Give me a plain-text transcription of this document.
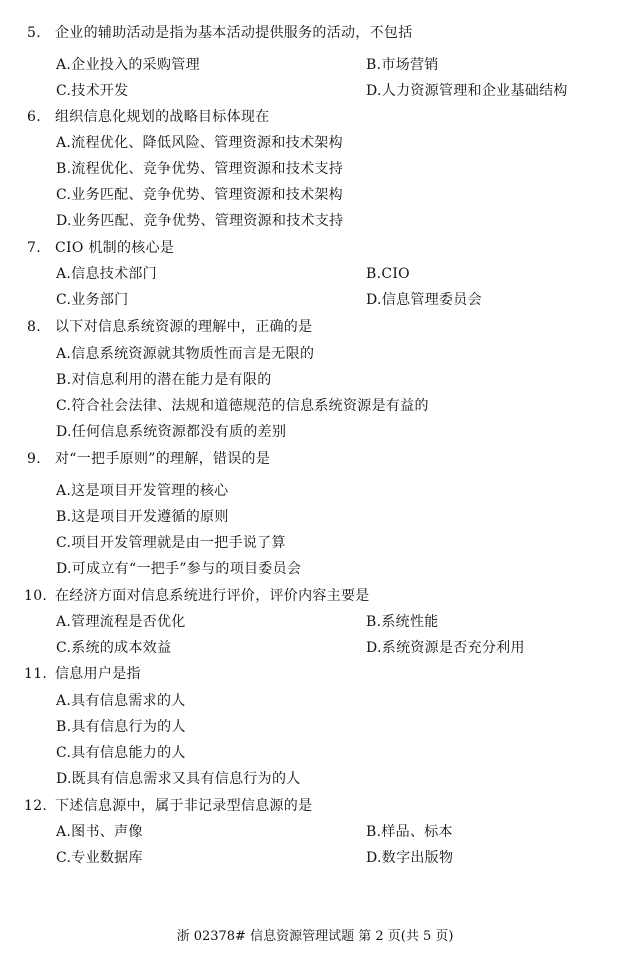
5. 企业的辅助活动是指为基本活动提供服务的活动，不包括
A.企业投入的采购管理	B.市场营销
C.技术开发	D.人力资源管理和企业基础结构
6. 组织信息化规划的战略目标体现在
A.流程优化、降低风险、管理资源和技术架构
B.流程优化、竞争优势、管理资源和技术支持
C.业务匹配、竞争优势、管理资源和技术架构
D.业务匹配、竞争优势、管理资源和技术支持
7. CIO 机制的核心是
A.信息技术部门	B.CIO
C.业务部门	D.信息管理委员会
8. 以下对信息系统资源的理解中，正确的是
A.信息系统资源就其物质性而言是无限的
B.对信息利用的潜在能力是有限的
C.符合社会法律、法规和道德规范的信息系统资源是有益的
D.任何信息系统资源都没有质的差别
9. 对“一把手原则”的理解，错误的是
A.这是项目开发管理的核心
B.这是项目开发遵循的原则
C.项目开发管理就是由一把手说了算
D.可成立有“一把手”参与的项目委员会
10. 在经济方面对信息系统进行评价，评价内容主要是
A.管理流程是否优化	B.系统性能
C.系统的成本效益	D.系统资源是否充分利用
11. 信息用户是指
A.具有信息需求的人
B.具有信息行为的人
C.具有信息能力的人
D.既具有信息需求又具有信息行为的人
12. 下述信息源中，属于非记录型信息源的是
A.图书、声像	B.样品、标本
C.专业数据库	D.数字出版物
浙 02378# 信息资源管理试题 第 2 页(共 5 页)
